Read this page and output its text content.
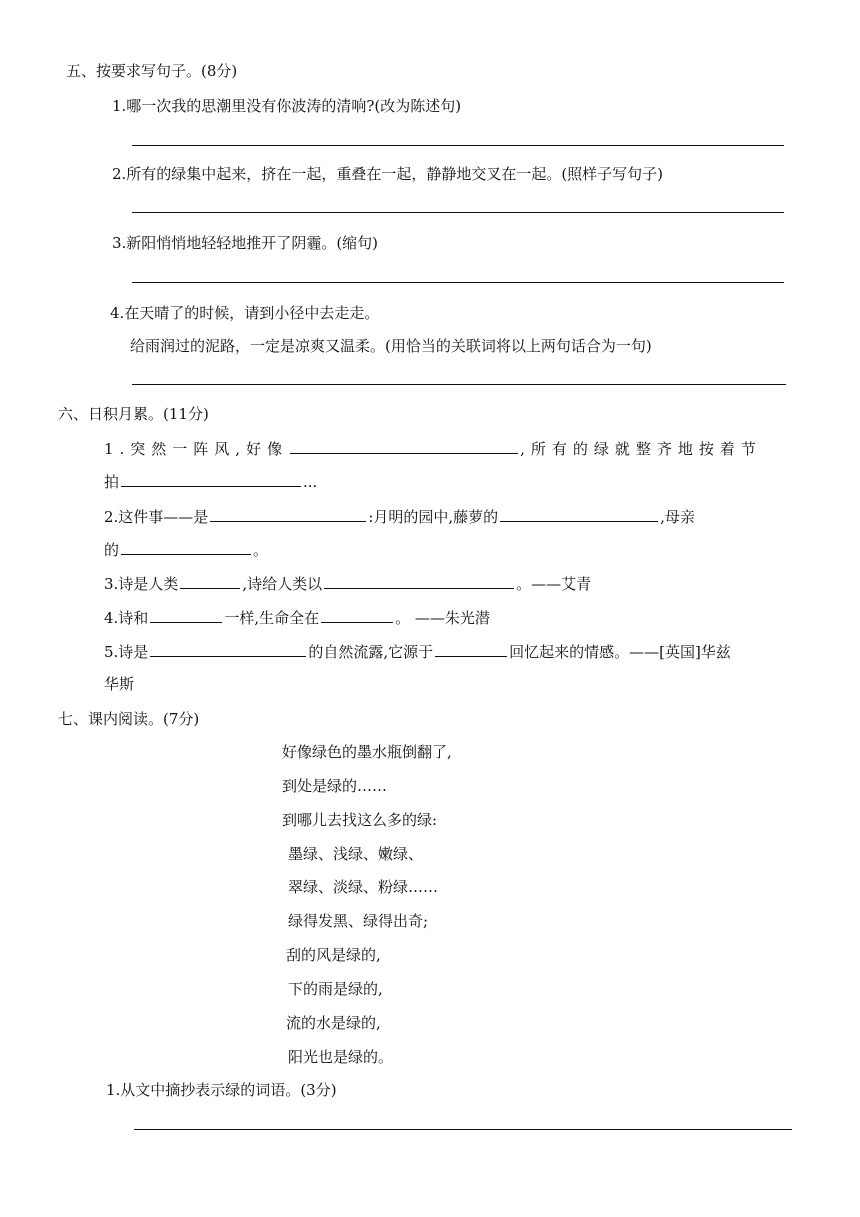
五、按要求写句子。(8分)
1.哪一次我的思潮里没有你波涛的清响?(改为陈述句)
2.所有的绿集中起来，挤在一起，重叠在一起，静静地交叉在一起。(照样子写句子)
3.新阳悄悄地轻轻地推开了阴霾。(缩句)
4.在天晴了的时候，请到小径中去走走。
给雨润过的泥路，一定是凉爽又温柔。(用恰当的关联词将以上两句话合为一句)
六、日积月累。(11分)
1.突然一阵风,好像	,所有的绿就整齐地按着节
拍	...
2.这件事——是	:月明的园中,藤萝的	,母亲
的	。
3.诗是人类	,诗给人类以	。——艾青
4.诗和	一样,生命全在	。 ——朱光潜
5.诗是	的自然流露,它源于	回忆起来的情感。——[英国]华兹
华斯
七、课内阅读。(7分)
好像绿色的墨水瓶倒翻了,
到处是绿的……
到哪儿去找这么多的绿:
墨绿、浅绿、嫩绿、
翠绿、淡绿、粉绿……
绿得发黑、绿得出奇;
刮的风是绿的,
下的雨是绿的,
流的水是绿的,
阳光也是绿的。
1.从文中摘抄表示绿的词语。(3分)
